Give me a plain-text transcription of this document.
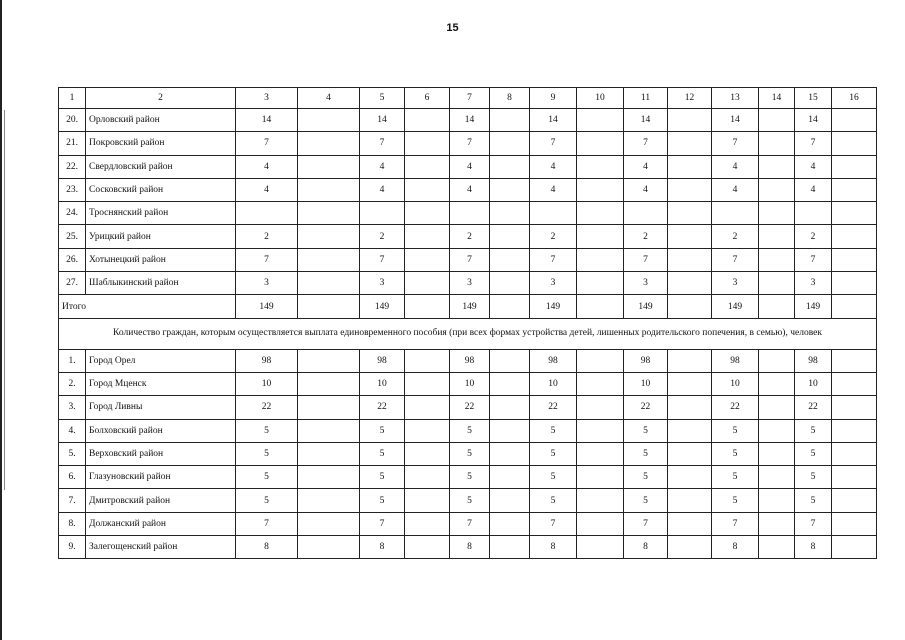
15
1	2	3	4	5	6	7	8	9	10	11	12	13	14	15	16
20.	Орловский район	14		14		14		14		14		14		14	
21.	Покровский район	7		7		7		7		7		7		7	
22.	Свердловский район	4		4		4		4		4		4		4	
23.	Сосковский район	4		4		4		4		4		4		4	
24.	Троснянский район														
25.	Урицкий район	2		2		2		2		2		2		2	
26.	Хотынецкий район	7		7		7		7		7		7		7	
27.	Шаблыкинский район	3		3		3		3		3		3		3	
Итого		149		149		149		149		149		149		149	
Количество граждан, которым осуществляется выплата единовременного пособия (при всех формах устройства детей, лишенных родительского попечения, в семью), человек															
1.	Город Орел	98		98		98		98		98		98		98	
2.	Город Мценск	10		10		10		10		10		10		10	
3.	Город Ливны	22		22		22		22		22		22		22	
4.	Болховский район	5		5		5		5		5		5		5	
5.	Верховский район	5		5		5		5		5		5		5	
6.	Глазуновский район	5		5		5		5		5		5		5	
7.	Дмитровский район	5		5		5		5		5		5		5	
8.	Должанский район	7		7		7		7		7		7		7	
9.	Залегощенский район	8		8		8		8		8		8		8	
